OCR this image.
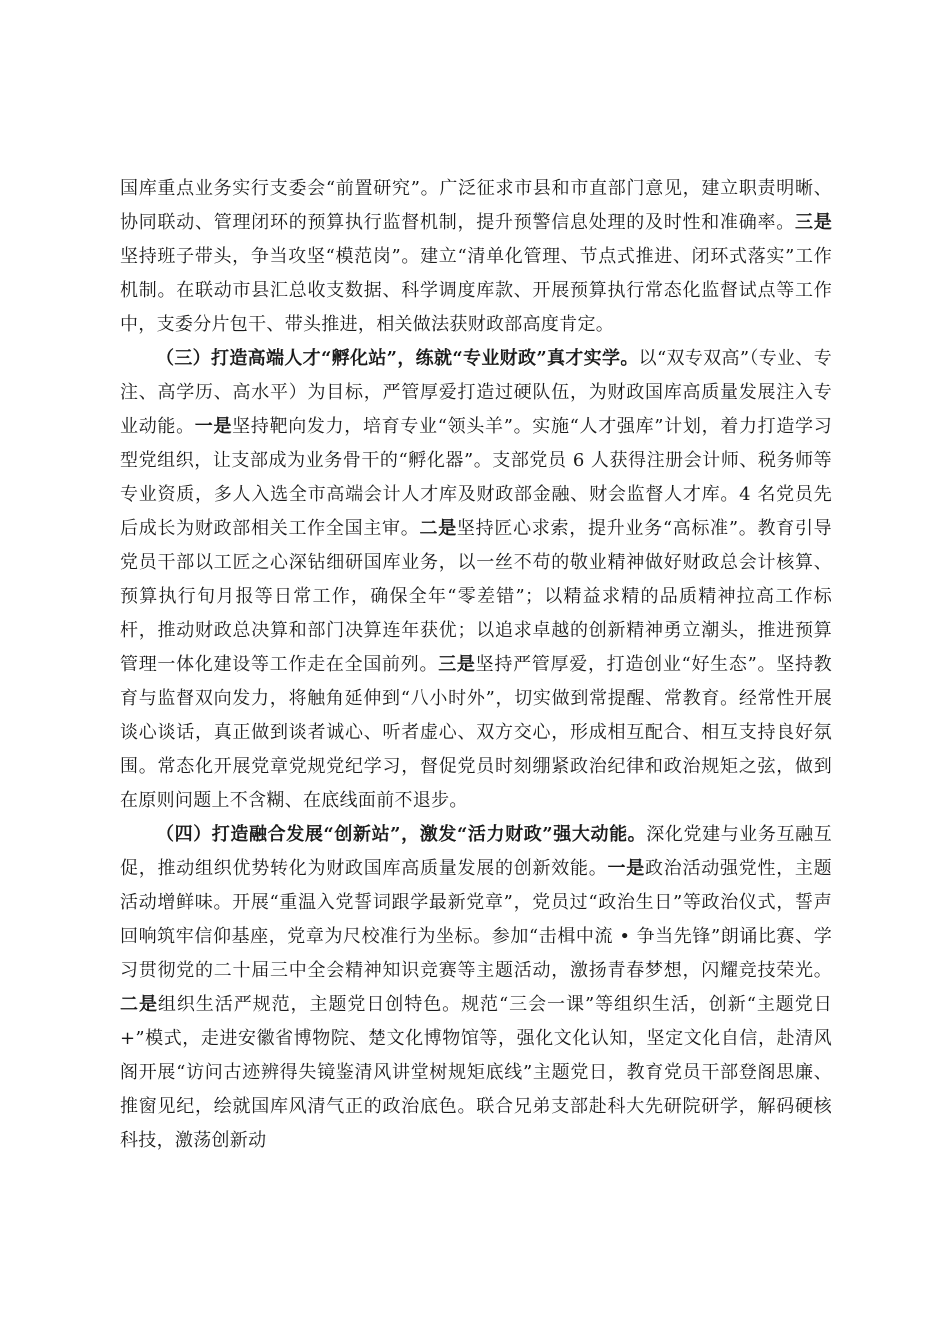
国库重点业务实行支委会“前置研究”。广泛征求市县和市直部门意见，建立职责明晰、协同联动、管理闭环的预算执行监督机制，提升预警信息处理的及时性和准确率。三是坚持班子带头，争当攻坚“模范岗”。建立“清单化管理、节点式推进、闭环式落实”工作机制。在联动市县汇总收支数据、科学调度库款、开展预算执行常态化监督试点等工作中，支委分片包干、带头推进，相关做法获财政部高度肯定。

（三）打造高端人才“孵化站”，练就“专业财政”真才实学。以“双专双高”（专业、专注、高学历、高水平）为目标，严管厚爱打造过硬队伍，为财政国库高质量发展注入专业动能。一是坚持靶向发力，培育专业“领头羊”。实施“人才强库”计划，着力打造学习型党组织，让支部成为业务骨干的“孵化器”。支部党员 6 人获得注册会计师、税务师等专业资质，多人入选全市高端会计人才库及财政部金融、财会监督人才库。4 名党员先后成长为财政部相关工作全国主审。二是坚持匠心求索，提升业务“高标准”。教育引导党员干部以工匠之心深钻细研国库业务，以一丝不苟的敬业精神做好财政总会计核算、预算执行旬月报等日常工作，确保全年“零差错”；以精益求精的品质精神拉高工作标杆，推动财政总决算和部门决算连年获优；以追求卓越的创新精神勇立潮头，推进预算管理一体化建设等工作走在全国前列。三是坚持严管厚爱，打造创业“好生态”。坚持教育与监督双向发力，将触角延伸到“八小时外”，切实做到常提醒、常教育。经常性开展谈心谈话，真正做到谈者诚心、听者虚心、双方交心，形成相互配合、相互支持良好氛围。常态化开展党章党规党纪学习，督促党员时刻绷紧政治纪律和政治规矩之弦，做到在原则问题上不含糊、在底线面前不退步。

（四）打造融合发展“创新站”，激发“活力财政”强大动能。深化党建与业务互融互促，推动组织优势转化为财政国库高质量发展的创新效能。一是政治活动强党性，主题活动增鲜味。开展“重温入党誓词跟学最新党章”，党员过“政治生日”等政治仪式，誓声回响筑牢信仰基座，党章为尺校准行为坐标。参加“击楫中流 • 争当先锋”朗诵比赛、学习贯彻党的二十届三中全会精神知识竞赛等主题活动，激扬青春梦想，闪耀竞技荣光。二是组织生活严规范，主题党日创特色。规范“三会一课”等组织生活，创新“主题党日+”模式，走进安徽省博物院、楚文化博物馆等，强化文化认知，坚定文化自信，赴清风阁开展“访问古迹辨得失镜鉴清风讲堂树规矩底线”主题党日，教育党员干部登阁思廉、推窗见纪，绘就国库风清气正的政治底色。联合兄弟支部赴科大先研院研学，解码硬核科技，激荡创新动
